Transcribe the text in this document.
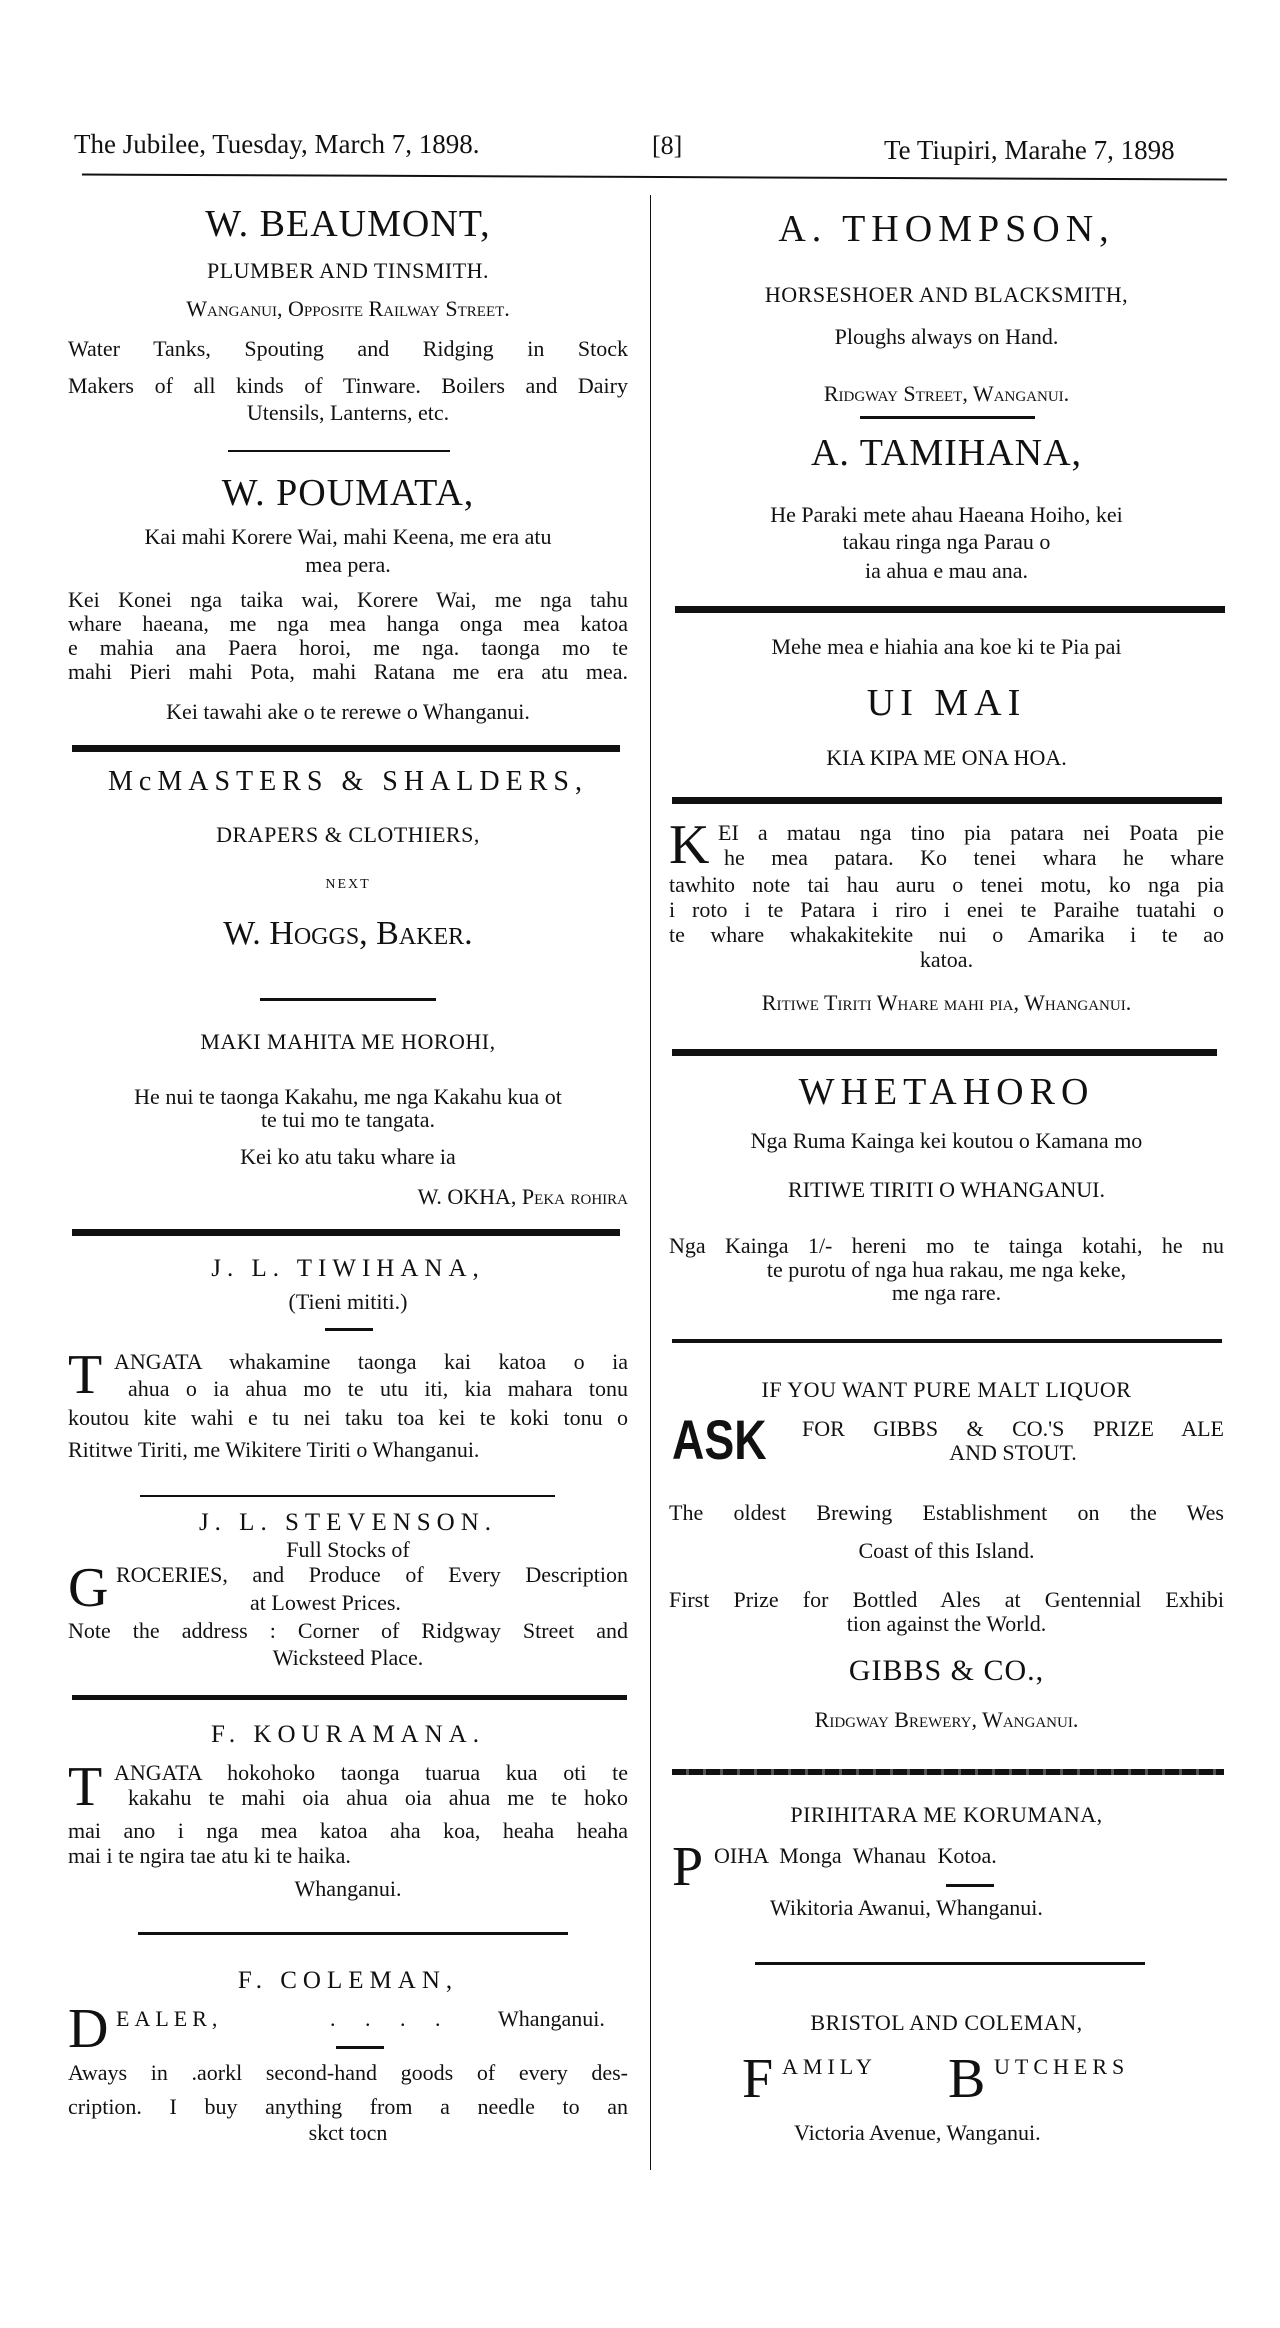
The Jubilee, Tuesday, March 7, 1898.	[8]	Te Tiupiri, Marahe 7, 1898
W. BEAUMONT,
PLUMBER AND TINSMITH.
Wanganui, Opposite Railway Street.
Water Tanks, Spouting and Ridging in Stock
Makers of all kinds of Tinware. Boilers and Dairy
Utensils, Lanterns, etc.
W. POUMATA,
Kai mahi Korere Wai, mahi Keena, me era atu
mea pera.
Kei Konei nga taika wai, Korere Wai, me nga tahu
whare haeana, me nga mea hanga onga mea katoa
e mahia ana Paera horoi, me nga. taonga mo te
mahi Pieri mahi Pota, mahi Ratana me era atu mea.
Kei tawahi ake o te rerewe o Whanganui.
McMASTERS & SHALDERS,
DRAPERS & CLOTHIERS,
NEXT
W. Hoggs, Baker.
MAKI MAHITA ME HOROHI,
He nui te taonga Kakahu, me nga Kakahu kua ot
te tui mo te tangata.
Kei ko atu taku whare ia
W. OKHA, Peka rohira
J. L. TIWIHANA,
(Tieni mititi.)
T ANGATA whakamine taonga kai katoa o ia
ahua o ia ahua mo te utu iti, kia mahara tonu
koutou kite wahi e tu nei taku toa kei te koki tonu o
Rititwe Tiriti, me Wikitere Tiriti o Whanganui.
J. L. STEVENSON.
Full Stocks of
G ROCERIES, and Produce of Every Description
at Lowest Prices.
Note the address : Corner of Ridgway Street and
Wicksteed Place.
F. KOURAMANA.
T ANGATA hokohoko taonga tuarua kua oti te
kakahu te mahi oia ahua oia ahua me te hoko
mai ano i nga mea katoa aha koa, heaha heaha
mai i te ngira tae atu ki te haika.
Whanganui.
F. COLEMAN,
D EALER,	. . . . Whanganui.
Aways in .aorkl second-hand goods of every des-
cription. I buy anything from a needle to an
skct tocn
A. THOMPSON,
HORSESHOER AND BLACKSMITH,
Ploughs always on Hand.
Ridgway Street, Wanganui.
A. TAMIHANA,
He Paraki mete ahau Haeana Hoiho, kei
takau ringa nga Parau o
ia ahua e mau ana.
Mehe mea e hiahia ana koe ki te Pia pai
UI MAI
KIA KIPA ME ONA HOA.
K EI a matau nga tino pia patara nei Poata pie
he mea patara. Ko tenei whara he whare
tawhito note tai hau auru o tenei motu, ko nga pia
i roto i te Patara i riro i enei te Paraihe tuatahi o
te whare whakakitekite nui o Amarika i te ao
katoa.
Ritiwe Tiriti Whare mahi pia, Whanganui.
WHETAHORO
Nga Ruma Kainga kei koutou o Kamana mo
RITIWE TIRITI O WHANGANUI.
Nga Kainga 1/- hereni mo te tainga kotahi, he nu
te purotu of nga hua rakau, me nga keke,
me nga rare.
IF YOU WANT PURE MALT LIQUOR
ASK FOR GIBBS & CO.'S PRIZE ALE
AND STOUT.
The oldest Brewing Establishment on the Wes
Coast of this Island.
First Prize for Bottled Ales at Gentennial Exhibi
tion against the World.
GIBBS & CO.,
Ridgway Brewery, Wanganui.
PIRIHITARA ME KORUMANA,
P OIHA Monga Whanau Kotoa.
Wikitoria Awanui, Whanganui.
BRISTOL AND COLEMAN,
F AMILY B UTCHERS
Victoria Avenue, Wanganui.
